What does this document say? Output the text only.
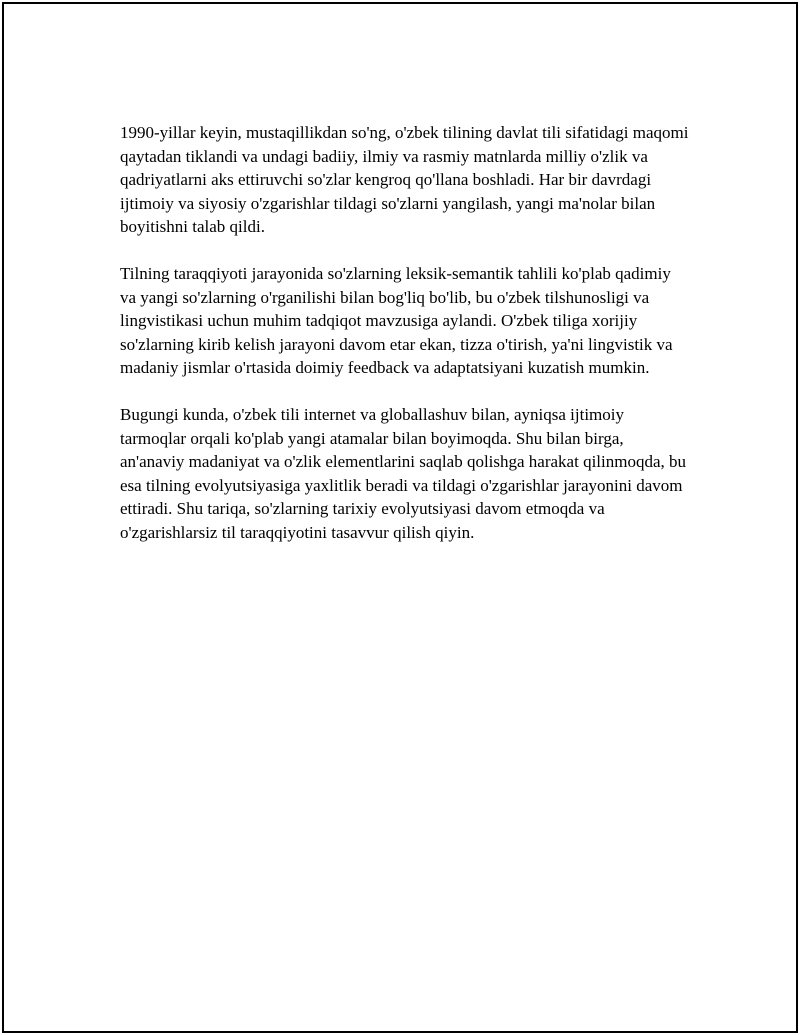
1990-yillar keyin, mustaqillikdan so'ng, o'zbek tilining davlat tili sifatidagi maqomi qaytadan tiklandi va undagi badiiy, ilmiy va rasmiy matnlarda milliy o'zlik va qadriyatlarni aks ettiruvchi so'zlar kengroq qo'llana boshladi. Har bir davrdagi ijtimoiy va siyosiy o'zgarishlar tildagi so'zlarni yangilash, yangi ma'nolar bilan boyitishni talab qildi.

Tilning taraqqiyoti jarayonida so'zlarning leksik-semantik tahlili ko'plab qadimiy va yangi so'zlarning o'rganilishi bilan bog'liq bo'lib, bu o'zbek tilshunosligi va lingvistikasi uchun muhim tadqiqot mavzusiga aylandi. O'zbek tiliga xorijiy so'zlarning kirib kelish jarayoni davom etar ekan, tizza o'tirish, ya'ni lingvistik va madaniy jismlar o'rtasida doimiy feedback va adaptatsiyani kuzatish mumkin.

Bugungi kunda, o'zbek tili internet va globallashuv bilan, ayniqsa ijtimoiy tarmoqlar orqali ko'plab yangi atamalar bilan boyimoqda. Shu bilan birga, an'anaviy madaniyat va o'zlik elementlarini saqlab qolishga harakat qilinmoqda, bu esa tilning evolyutsiyasiga yaxlitlik beradi va tildagi o'zgarishlar jarayonini davom ettiradi. Shu tariqa, so'zlarning tarixiy evolyutsiyasi davom etmoqda va o'zgarishlarsiz til taraqqiyotini tasavvur qilish qiyin.
